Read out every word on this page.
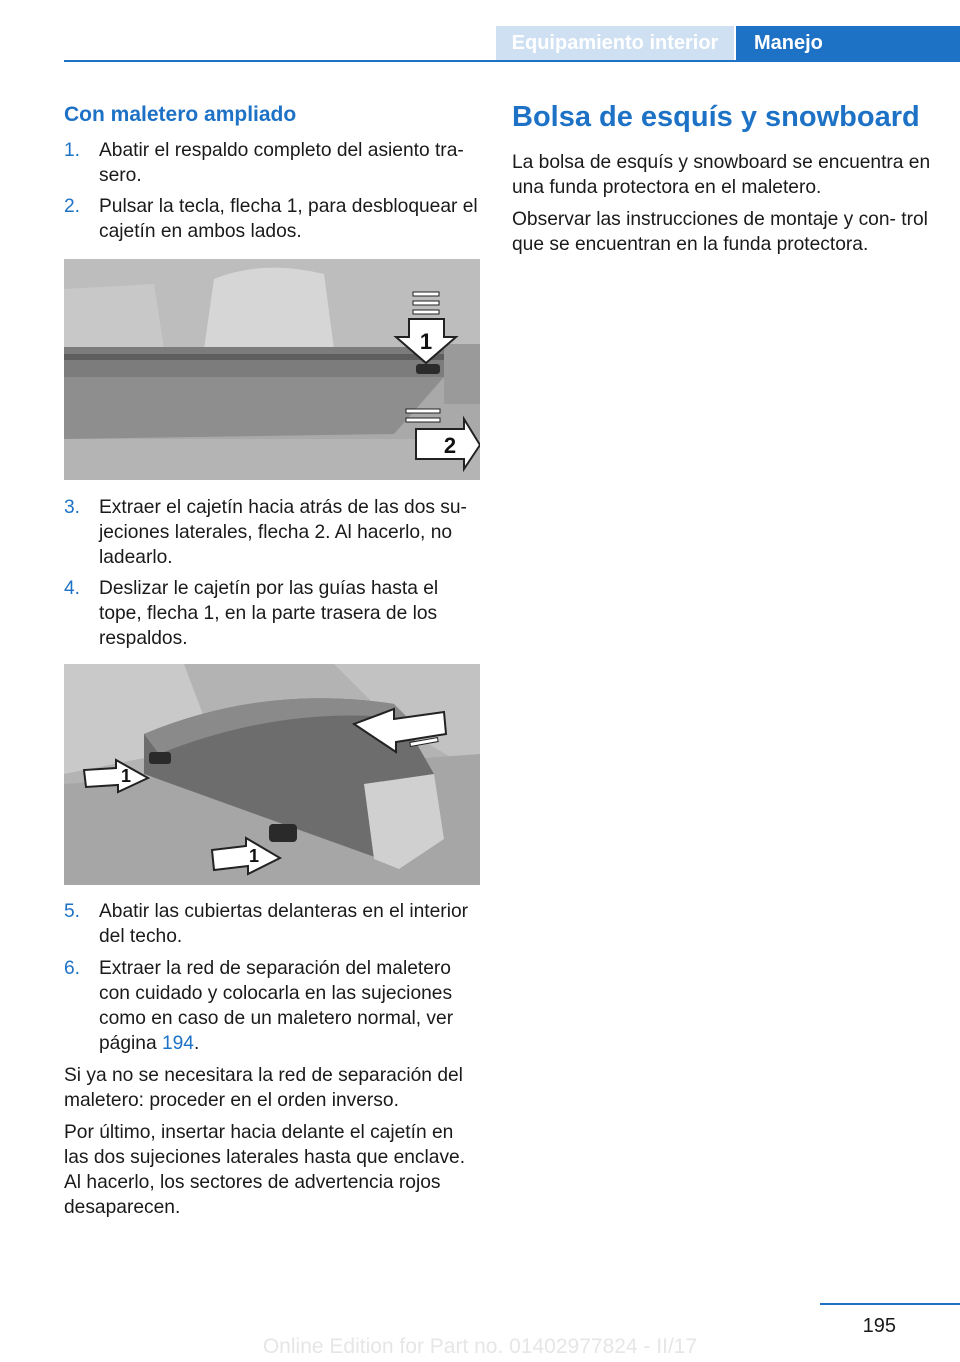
Equipamiento interior	Manejo
Con maletero ampliado
1. Abatir el respaldo completo del asiento tra‐ sero.
2. Pulsar la tecla, flecha 1, para desbloquear el cajetín en ambos lados.
1
2
3. Extraer el cajetín hacia atrás de las dos su‐ jeciones laterales, flecha 2. Al hacerlo, no ladearlo.
4. Deslizar le cajetín por las guías hasta el tope, flecha 1, en la parte trasera de los respaldos.
1
1
5. Abatir las cubiertas delanteras en el interior del techo.
6. Extraer la red de separación del maletero con cuidado y colocarla en las sujeciones como en caso de un maletero normal, ver página 194.
Si ya no se necesitara la red de separación del maletero: proceder en el orden inverso.
Por último, insertar hacia delante el cajetín en las dos sujeciones laterales hasta que enclave. Al hacerlo, los sectores de advertencia rojos desaparecen.
Bolsa de esquís y snowboard
La bolsa de esquís y snowboard se encuentra en una funda protectora en el maletero.
Observar las instrucciones de montaje y con‐ trol que se encuentran en la funda protectora.
195
Online Edition for Part no. 01402977824 - II/17
